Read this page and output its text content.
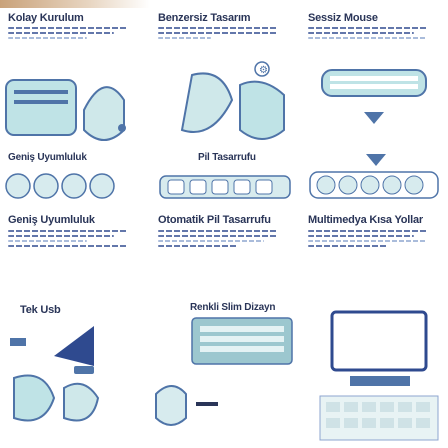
Kolay Kurulum	Benzersiz Tasarım
⚙
Sessiz Mouse
Geniş Uyumluluk
Geniş Uyumluluk
Pil Tasarrufu
Otomatik Pil Tasarrufu	Multimedya Kısa Yollar
Tek Usb	Renkli Slim Dizayn
